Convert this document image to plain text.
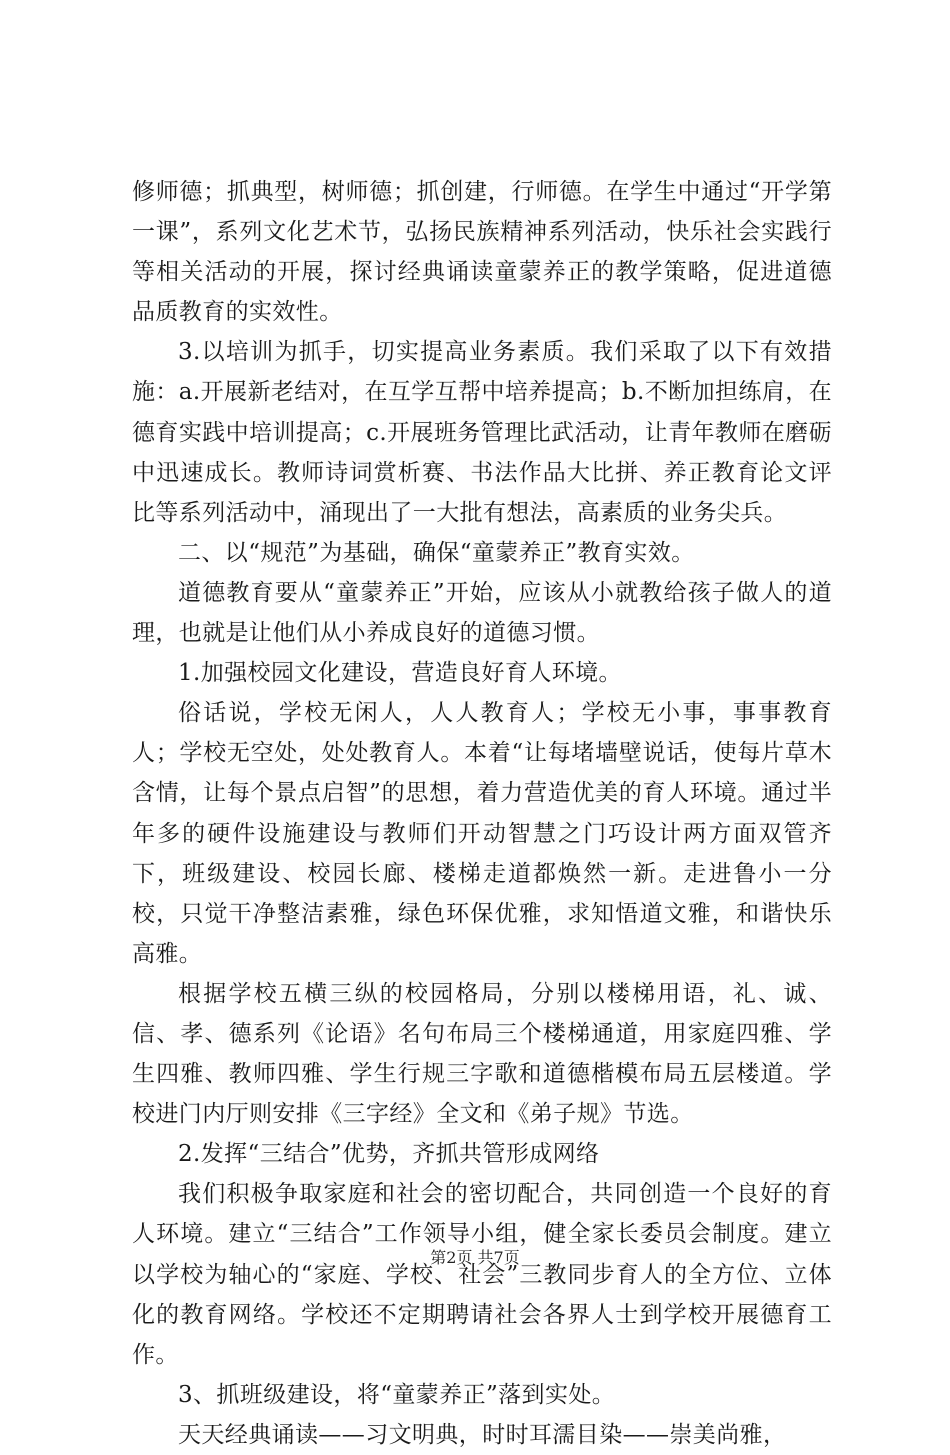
修师德；抓典型，树师德；抓创建，行师德。在学生中通过“开学第一课”，系列文化艺术节，弘扬民族精神系列活动，快乐社会实践行等相关活动的开展，探讨经典诵读童蒙养正的教学策略，促进道德品质教育的实效性。

3.以培训为抓手，切实提高业务素质。我们采取了以下有效措施：a.开展新老结对，在互学互帮中培养提高；b.不断加担练肩，在德育实践中培训提高；c.开展班务管理比武活动，让青年教师在磨砺中迅速成长。教师诗词赏析赛、书法作品大比拼、养正教育论文评比等系列活动中，涌现出了一大批有想法，高素质的业务尖兵。

二、以“规范”为基础，确保“童蒙养正”教育实效。

道德教育要从“童蒙养正”开始，应该从小就教给孩子做人的道理，也就是让他们从小养成良好的道德习惯。

1.加强校园文化建设，营造良好育人环境。

俗话说，学校无闲人，人人教育人；学校无小事，事事教育人；学校无空处，处处教育人。本着“让每堵墙壁说话，使每片草木含情，让每个景点启智”的思想，着力营造优美的育人环境。通过半年多的硬件设施建设与教师们开动智慧之门巧设计两方面双管齐下，班级建设、校园长廊、楼梯走道都焕然一新。走进鲁小一分校，只觉干净整洁素雅，绿色环保优雅，求知悟道文雅，和谐快乐高雅。

根据学校五横三纵的校园格局，分别以楼梯用语，礼、诚、信、孝、德系列《论语》名句布局三个楼梯通道，用家庭四雅、学生四雅、教师四雅、学生行规三字歌和道德楷模布局五层楼道。学校进门内厅则安排《三字经》全文和《弟子规》节选。

2.发挥“三结合”优势，齐抓共管形成网络

我们积极争取家庭和社会的密切配合，共同创造一个良好的育人环境。建立“三结合”工作领导小组，健全家长委员会制度。建立以学校为轴心的“家庭、学校、社会”三教同步育人的全方位、立体化的教育网络。学校还不定期聘请社会各界人士到学校开展德育工作。

3、抓班级建设，将“童蒙养正”落到实处。

天天经典诵读——习文明典，时时耳濡目染——崇美尚雅，

第2页 共7页
